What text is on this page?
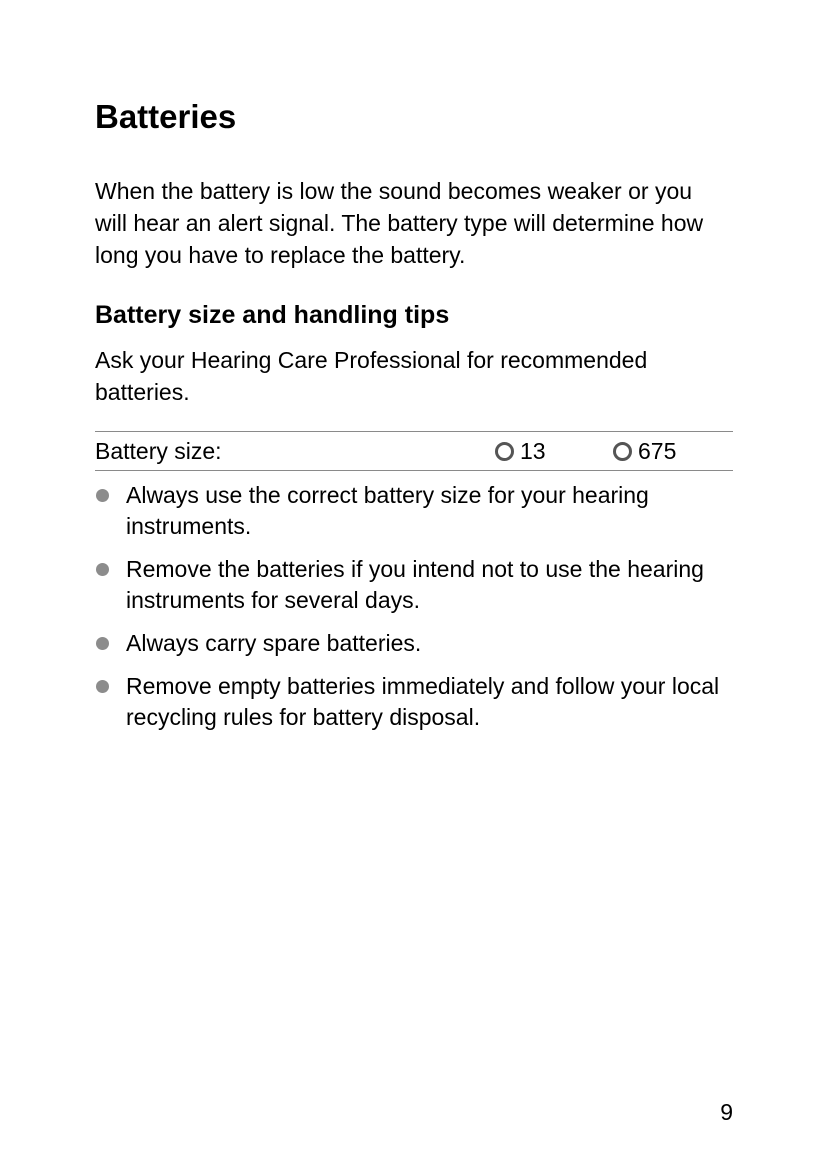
Batteries

When the battery is low the sound becomes weaker or you will hear an alert signal. The battery type will determine how long you have to replace the battery.

Battery size and handling tips

Ask your Hearing Care Professional for recommended batteries.

Battery size:	13	675
Always use the correct battery size for your hearing instruments.
Remove the batteries if you intend not to use the hearing instruments for several days.
Always carry spare batteries.
Remove empty batteries immediately and follow your local recycling rules for battery disposal.
9
